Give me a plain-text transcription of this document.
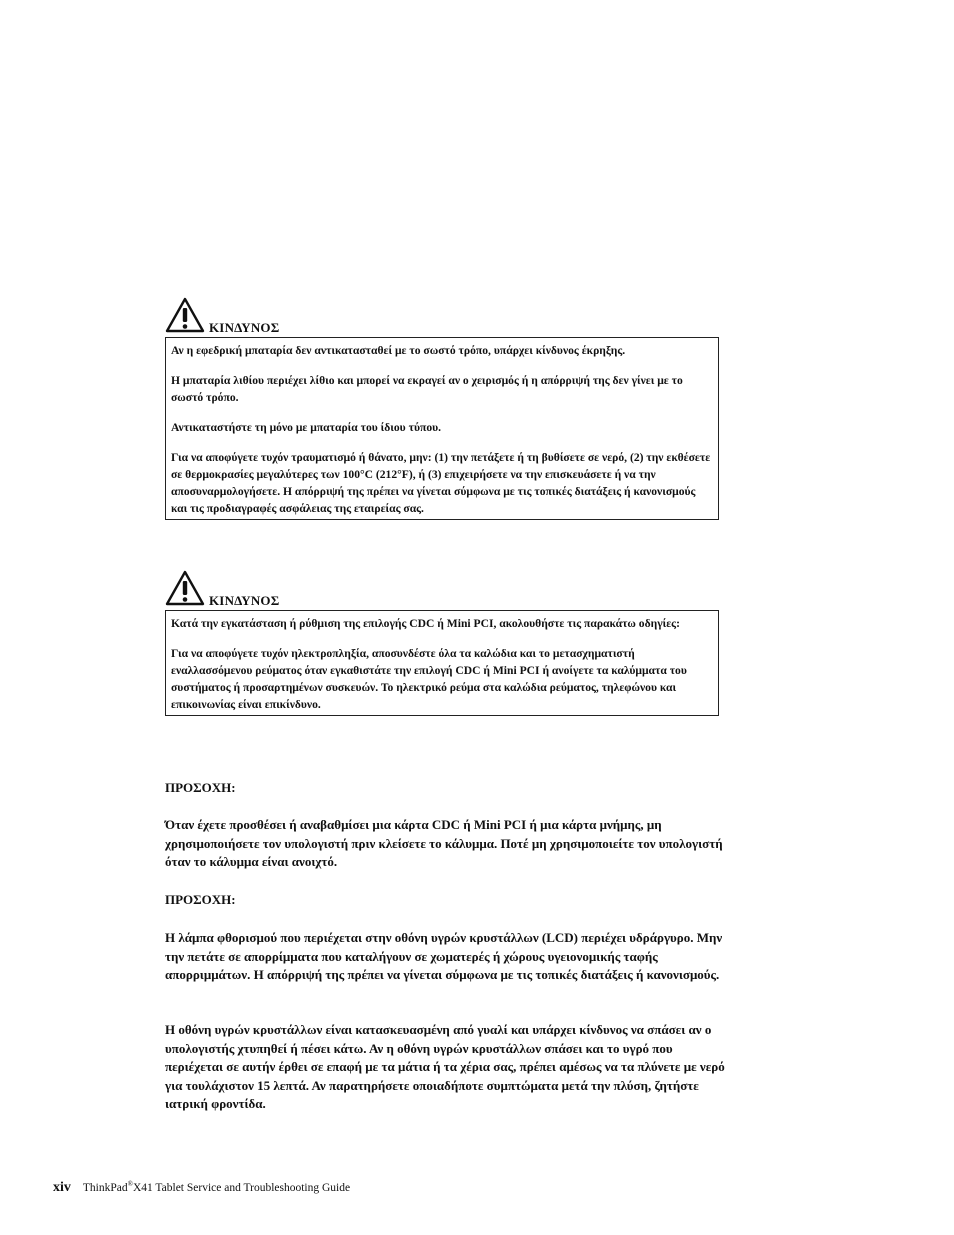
ΚΙΝΔΥΝΟΣ

Αν η εφεδρική μπαταρία δεν αντικατασταθεί με το σωστό τρόπο, υπάρχει κίνδυνος έκρηξης.

Η μπαταρία λιθίου περιέχει λίθιο και μπορεί να εκραγεί αν ο χειρισμός ή η απόρριψή της δεν γίνει με το σωστό τρόπο.

Αντικαταστήστε τη μόνο με μπαταρία του ίδιου τύπου.

Για να αποφύγετε τυχόν τραυματισμό ή θάνατο, μην: (1) την πετάξετε ή τη βυθίσετε σε νερό, (2) την εκθέσετε σε θερμοκρασίες μεγαλύτερες των 100°C (212°F), ή (3) επιχειρήσετε να την επισκευάσετε ή να την αποσυναρμολογήσετε. Η απόρριψή της πρέπει να γίνεται σύμφωνα με τις τοπικές διατάξεις ή κανονισμούς και τις προδιαγραφές ασφάλειας της εταιρείας σας.

ΚΙΝΔΥΝΟΣ

Κατά την εγκατάσταση ή ρύθμιση της επιλογής CDC ή Mini PCI, ακολουθήστε τις παρακάτω οδηγίες:

Για να αποφύγετε τυχόν ηλεκτροπληξία, αποσυνδέστε όλα τα καλώδια και το μετασχηματιστή εναλλασσόμενου ρεύματος όταν εγκαθιστάτε την επιλογή CDC ή Mini PCI ή ανοίγετε τα καλύμματα του συστήματος ή προσαρτημένων συσκευών. Το ηλεκτρικό ρεύμα στα καλώδια ρεύματος, τηλεφώνου και επικοινωνίας είναι επικίνδυνο.

ΠΡΟΣΟΧΗ:

Όταν έχετε προσθέσει ή αναβαθμίσει μια κάρτα CDC ή Mini PCI ή μια κάρτα μνήμης, μη χρησιμοποιήσετε τον υπολογιστή πριν κλείσετε το κάλυμμα. Ποτέ μη χρησιμοποιείτε τον υπολογιστή όταν το κάλυμμα είναι ανοιχτό.

ΠΡΟΣΟΧΗ:

Η λάμπα φθορισμού που περιέχεται στην οθόνη υγρών κρυστάλλων (LCD) περιέχει υδράργυρο. Μην την πετάτε σε απορρίμματα που καταλήγουν σε χωματερές ή χώρους υγειονομικής ταφής απορριμμάτων. Η απόρριψή της πρέπει να γίνεται σύμφωνα με τις τοπικές διατάξεις ή κανονισμούς.

Η οθόνη υγρών κρυστάλλων είναι κατασκευασμένη από γυαλί και υπάρχει κίνδυνος να σπάσει αν ο υπολογιστής χτυπηθεί ή πέσει κάτω. Αν η οθόνη υγρών κρυστάλλων σπάσει και το υγρό που περιέχεται σε αυτήν έρθει σε επαφή με τα μάτια ή τα χέρια σας, πρέπει αμέσως να τα πλύνετε με νερό για τουλάχιστον 15 λεπτά. Αν παρατηρήσετε οποιαδήποτε συμπτώματα μετά την πλύση, ζητήστε ιατρική φροντίδα.

xiv ThinkPad®X41 Tablet Service and Troubleshooting Guide
